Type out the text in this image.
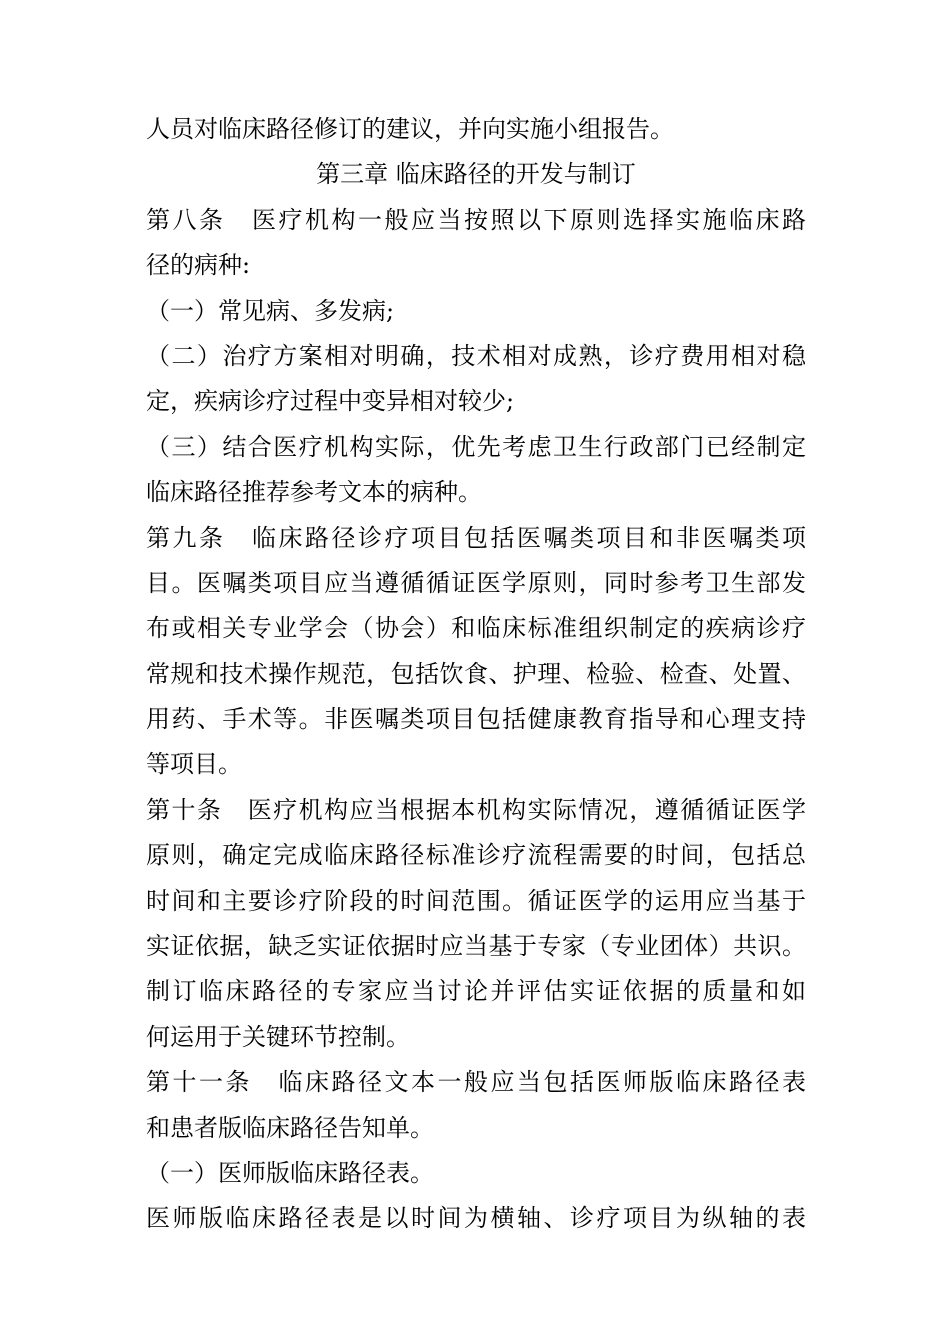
人员对临床路径修订的建议，并向实施小组报告。
第三章 临床路径的开发与制订
第八条　医疗机构一般应当按照以下原则选择实施临床路
径的病种:
（一）常见病、多发病;
（二）治疗方案相对明确，技术相对成熟，诊疗费用相对稳
定，疾病诊疗过程中变异相对较少;
（三）结合医疗机构实际，优先考虑卫生行政部门已经制定
临床路径推荐参考文本的病种。
第九条　临床路径诊疗项目包括医嘱类项目和非医嘱类项
目。医嘱类项目应当遵循循证医学原则，同时参考卫生部发
布或相关专业学会（协会）和临床标准组织制定的疾病诊疗
常规和技术操作规范，包括饮食、护理、检验、检查、处置、
用药、手术等。非医嘱类项目包括健康教育指导和心理支持
等项目。
第十条　医疗机构应当根据本机构实际情况，遵循循证医学
原则，确定完成临床路径标准诊疗流程需要的时间，包括总
时间和主要诊疗阶段的时间范围。循证医学的运用应当基于
实证依据，缺乏实证依据时应当基于专家（专业团体）共识。
制订临床路径的专家应当讨论并评估实证依据的质量和如
何运用于关键环节控制。
第十一条　临床路径文本一般应当包括医师版临床路径表
和患者版临床路径告知单。
（一）医师版临床路径表。
医师版临床路径表是以时间为横轴、诊疗项目为纵轴的表
